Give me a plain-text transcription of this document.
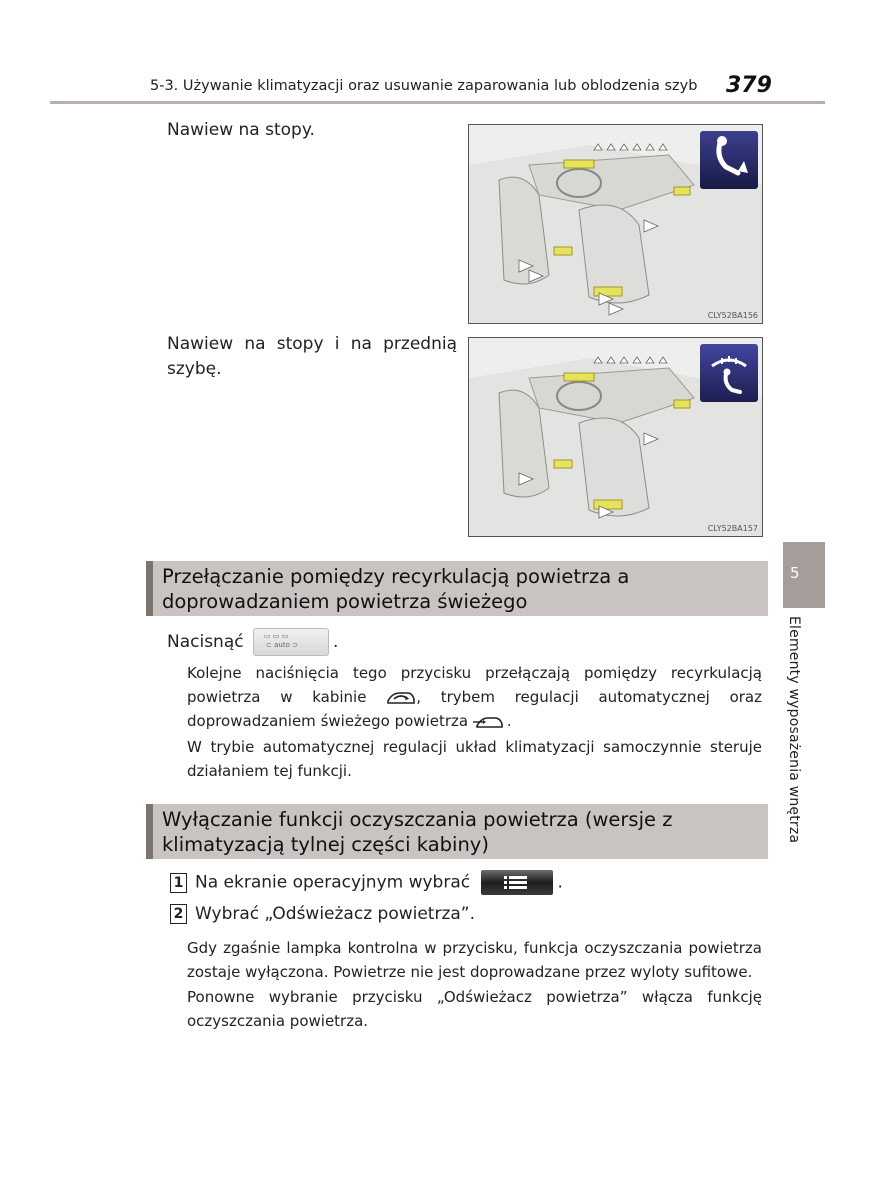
5-3. Używanie klimatyzacji oraz usuwanie zaparowania lub oblodzenia szyb 379
5
Elementy wyposażenia wnętrza
Nawiew na stopy.
CLY52BA156
Nawiew na stopy i na przednią szybę.
CLY52BA157
Przełączanie pomiędzy recyrkulacją powietrza a doprowadzaniem powietrza świeżego
Nacisnąć	▭ ▭ ▭
⊂ auto ⊃ .
Kolejne naciśnięcia tego przycisku przełączają pomiędzy recyrkulacją powietrza w kabinie	, trybem regulacji automatycznej oraz doprowadzaniem świeżego powietrza	.
W trybie automatycznej regulacji układ klimatyzacji samoczynnie steruje działaniem tej funkcji.
Wyłączanie funkcji oczyszczania powietrza (wersje z klimatyzacją tylnej części kabiny)
1 Na ekranie operacyjnym wybrać	.
2 Wybrać „Odświeżacz powietrza”.
Gdy zgaśnie lampka kontrolna w przycisku, funkcja oczyszczania powietrza zostaje wyłączona. Powietrze nie jest doprowadzane przez wyloty sufitowe.
Ponowne wybranie przycisku „Odświeżacz powietrza” włącza funkcję oczyszczania powietrza.
